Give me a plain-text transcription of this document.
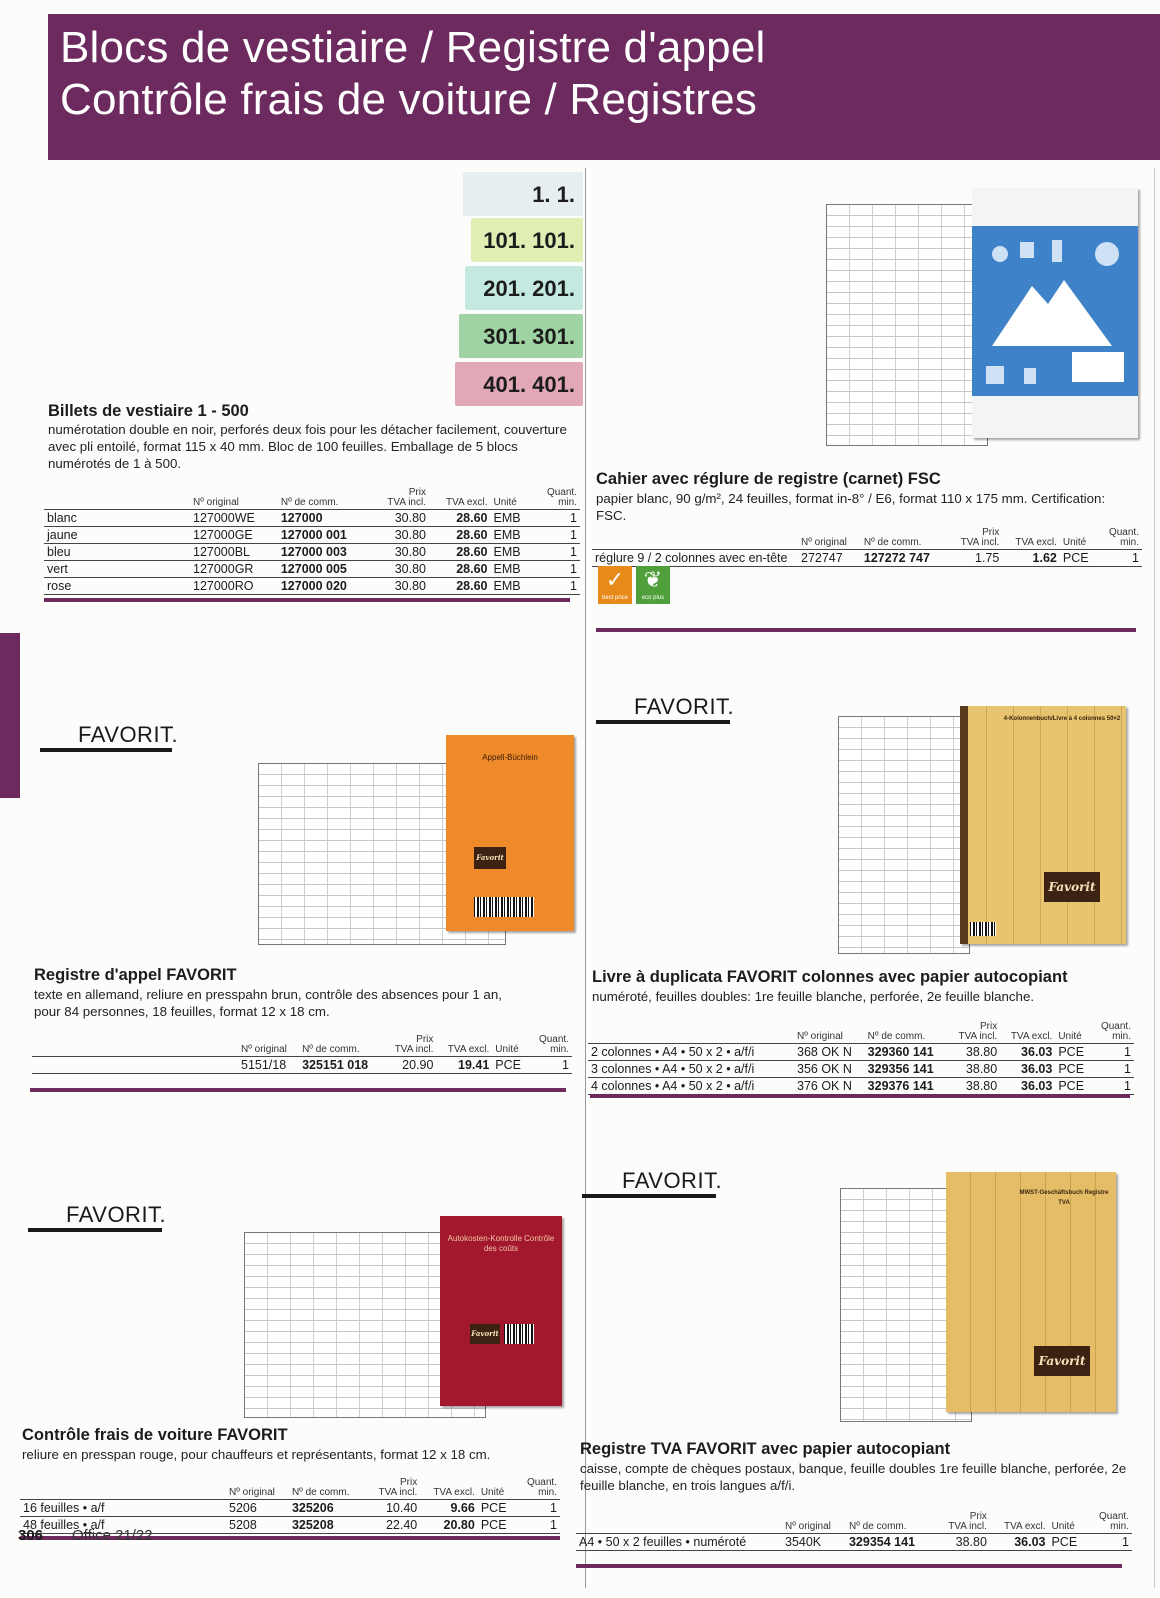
Blocs de vestiaire / Registre d'appel
Contrôle frais de voiture / Registres
1. 1.
101. 101.
201. 201.
301. 301.
401. 401.
Billets de vestiaire 1 - 500
numérotation double en noir, perforés deux fois pour les détacher facilement, couverture avec pli entoilé, format 115 x 40 mm. Bloc de 100 feuilles. Emballage de 5 blocs numérotés de 1 à 500.
	Nº original	Nº de comm.	Prix
TVA incl.	TVA excl.	Unité	Quant.
min.
blanc	127000WE	127000	30.80	28.60	EMB	1
jaune	127000GE	127000 001	30.80	28.60	EMB	1
bleu	127000BL	127000 003	30.80	28.60	EMB	1
vert	127000GR	127000 005	30.80	28.60	EMB	1
rose	127000RO	127000 020	30.80	28.60	EMB	1
Cahier avec réglure de registre (carnet) FSC
papier blanc, 90 g/m², 24 feuilles, format in-8° / E6, format 110 x 175 mm. Certification: FSC.
	Nº original	Nº de comm.	Prix
TVA incl.	TVA excl.	Unité	Quant.
min.
réglure 9 / 2 colonnes avec en-tête	272747	127272 747	1.75	1.62	PCE	1
✓
best price
❦
eco plus
FAVORIT.
Appell-Büchlein
Favorit
Registre d'appel FAVORIT
texte en allemand, reliure en presspahn brun, contrôle des absences pour 1 an, pour 84 personnes, 18 feuilles, format 12 x 18 cm.
	Nº original	Nº de comm.	Prix
TVA incl.	TVA excl.	Unité	Quant.
min.
	5151/18	325151 018	20.90	19.41	PCE	1
FAVORIT.	4-Kolonnenbuch/Livre à 4 colonnes 50×2
Favorit
Livre à duplicata FAVORIT colonnes avec papier autocopiant
numéroté, feuilles doubles: 1re feuille blanche, perforée, 2e feuille blanche.
	Nº original	Nº de comm.	Prix
TVA incl.	TVA excl.	Unité	Quant.
min.
2 colonnes • A4 • 50 x 2 • a/f/i	368 OK N	329360 141	38.80	36.03	PCE	1
3 colonnes • A4 • 50 x 2 • a/f/i	356 OK N	329356 141	38.80	36.03	PCE	1
4 colonnes • A4 • 50 x 2 • a/f/i	376 OK N	329376 141	38.80	36.03	PCE	1
FAVORIT.
Autokosten-Kontrolle Contrôle des coûts
Favorit
Contrôle frais de voiture FAVORIT
reliure en presspan rouge, pour chauffeurs et représentants, format 12 x 18 cm.
	Nº original	Nº de comm.	Prix
TVA incl.	TVA excl.	Unité	Quant.
min.
16 feuilles • a/f	5206	325206	10.40	9.66	PCE	1
48 feuilles • a/f	5208	325208	22.40	20.80	PCE	1
FAVORIT.	MWST-Geschäftsbuch Registre TVA
Favorit
Registre TVA FAVORIT avec papier autocopiant
caisse, compte de chèques postaux, banque, feuille doubles 1re feuille blanche, perforée, 2e feuille blanche, en trois langues a/f/i.
	Nº original	Nº de comm.	Prix
TVA incl.	TVA excl.	Unité	Quant.
min.
A4 • 50 x 2 feuilles • numéroté	3540K	329354 141	38.80	36.03	PCE	1
306 Office 21/22
